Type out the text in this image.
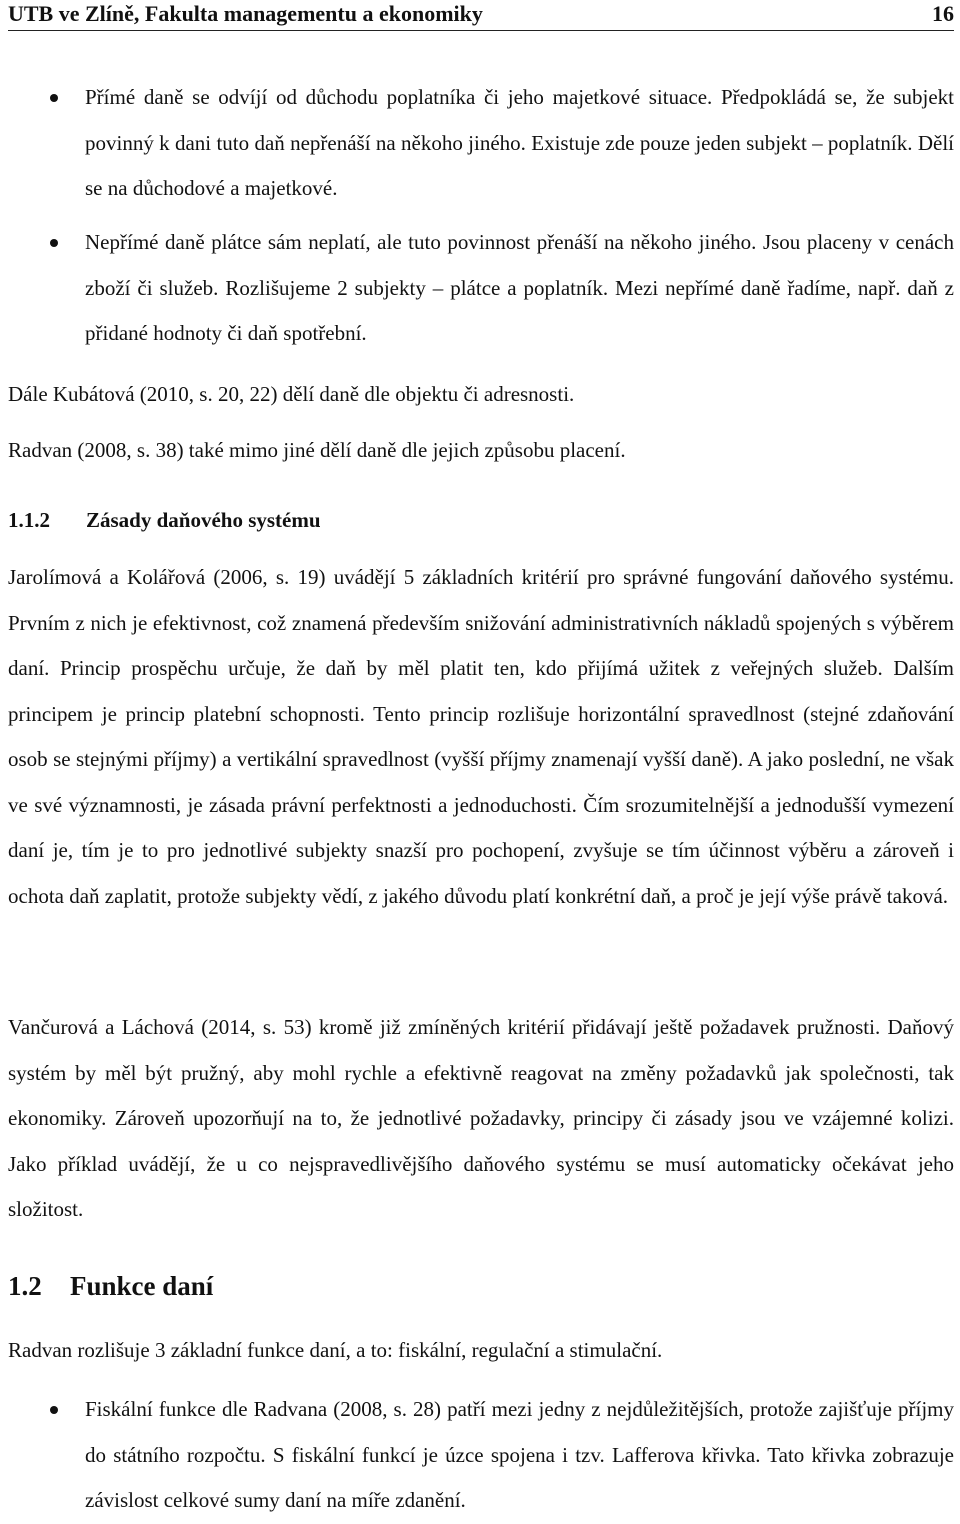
UTB ve Zlíně, Fakulta managementu a ekonomiky	16
Přímé daně se odvíjí od důchodu poplatníka či jeho majetkové situace. Předpokládá se, že subjekt povinný k dani tuto daň nepřenáší na někoho jiného. Existuje zde pouze jeden subjekt – poplatník. Dělí se na důchodové a majetkové.
Nepřímé daně plátce sám neplatí, ale tuto povinnost přenáší na někoho jiného. Jsou placeny v cenách zboží či služeb. Rozlišujeme 2 subjekty – plátce a poplatník. Mezi nepřímé daně řadíme, např. daň z přidané hodnoty či daň spotřební.
Dále Kubátová (2010, s. 20, 22) dělí daně dle objektu či adresnosti.
Radvan (2008, s. 38) také mimo jiné dělí daně dle jejich způsobu placení.
1.1.2 Zásady daňového systému
Jarolímová a Kolářová (2006, s. 19) uvádějí 5 základních kritérií pro správné fungování daňového systému. Prvním z nich je efektivnost, což znamená především snižování administrativních nákladů spojených s výběrem daní. Princip prospěchu určuje, že daň by měl platit ten, kdo přijímá užitek z veřejných služeb. Dalším principem je princip platební schopnosti. Tento princip rozlišuje horizontální spravedlnost (stejné zdaňování osob se stejnými příjmy) a vertikální spravedlnost (vyšší příjmy znamenají vyšší daně). A jako poslední, ne však ve své významnosti, je zásada právní perfektnosti a jednoduchosti. Čím srozumitelnější a jednodušší vymezení daní je, tím je to pro jednotlivé subjekty snazší pro pochopení, zvyšuje se tím účinnost výběru a zároveň i ochota daň zaplatit, protože subjekty vědí, z jakého důvodu platí konkrétní daň, a proč je její výše právě taková.
Vančurová a Láchová (2014, s. 53) kromě již zmíněných kritérií přidávají ještě požadavek pružnosti. Daňový systém by měl být pružný, aby mohl rychle a efektivně reagovat na změny požadavků jak společnosti, tak ekonomiky. Zároveň upozorňují na to, že jednotlivé požadavky, principy či zásady jsou ve vzájemné kolizi. Jako příklad uvádějí, že u co nejspravedlivějšího daňového systému se musí automaticky očekávat jeho složitost.
1.2 Funkce daní
Radvan rozlišuje 3 základní funkce daní, a to: fiskální, regulační a stimulační.
Fiskální funkce dle Radvana (2008, s. 28) patří mezi jedny z nejdůležitějších, protože zajišťuje příjmy do státního rozpočtu. S fiskální funkcí je úzce spojena i tzv. Lafferova křivka. Tato křivka zobrazuje závislost celkové sumy daní na míře zdanění.
